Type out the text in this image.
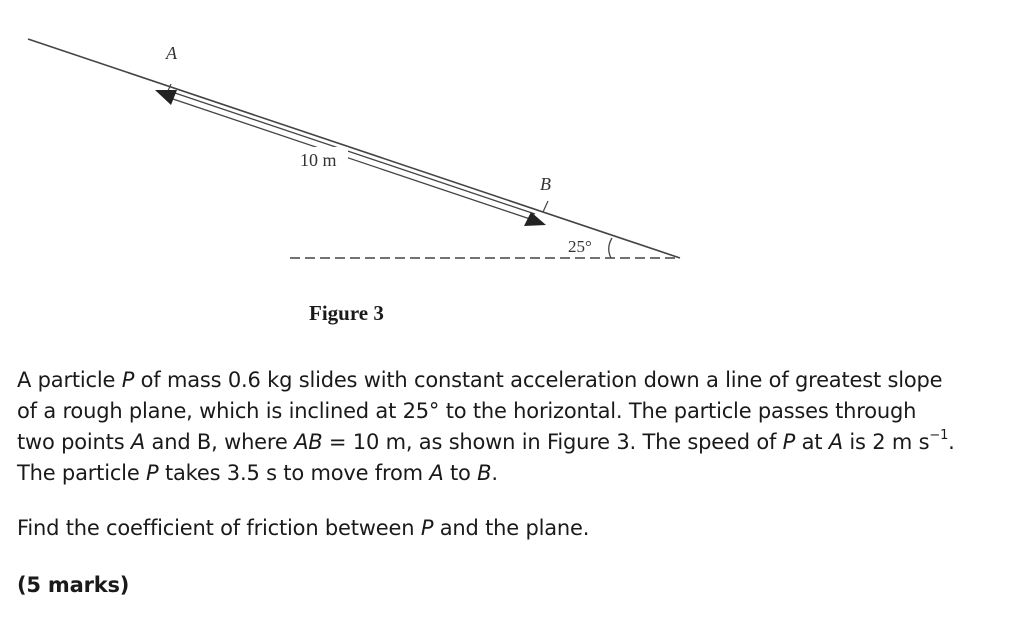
A
B
10 m
25°
Figure 3
A particle P of mass 0.6 kg slides with constant acceleration down a line of greatest slope
of a rough plane, which is inclined at 25° to the horizontal. The particle passes through
two points A and B, where AB = 10 m, as shown in Figure 3. The speed of P at A is 2 m $s^{-1}$.
The particle P takes 3.5 s to move from A to B.
Find the coefficient of friction between P and the plane.
(5 marks)
